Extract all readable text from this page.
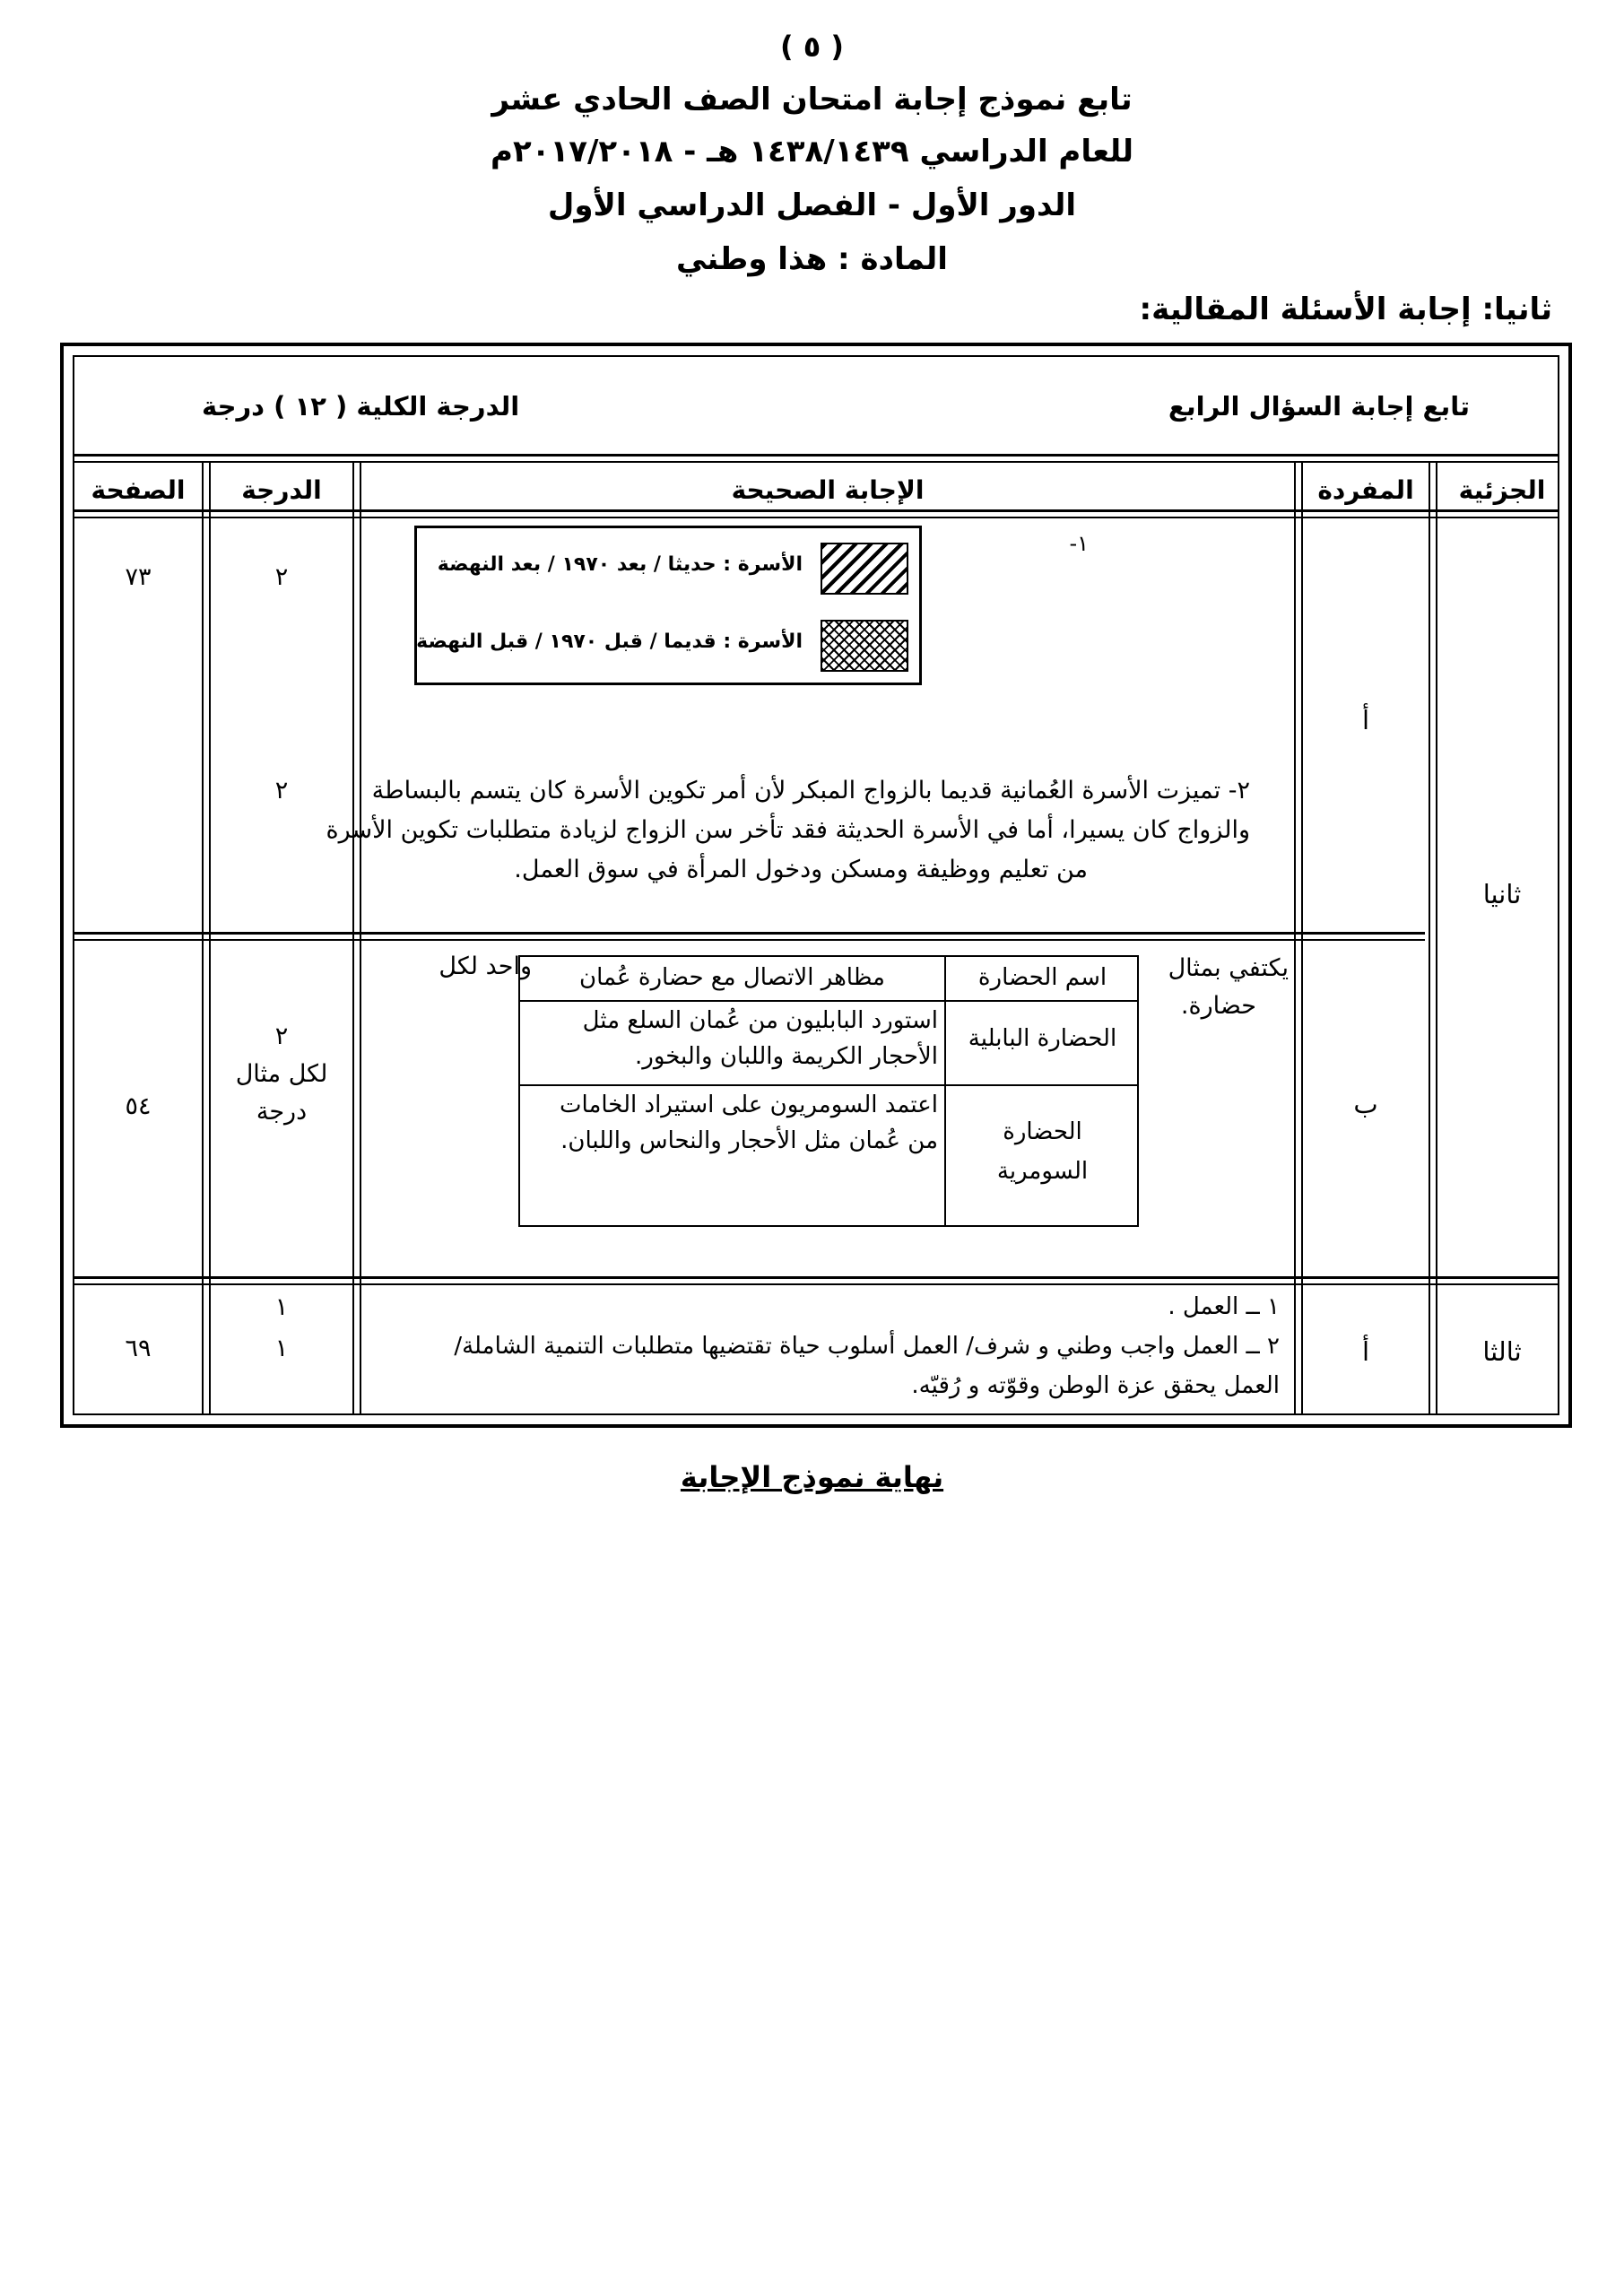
( ٥ )
تابع نموذج إجابة امتحان الصف الحادي عشر
للعام الدراسي ١٤٣٨/١٤٣٩ هـ - ٢٠١٧/٢٠١٨م
الدور الأول - الفصل الدراسي الأول
المادة : هذا وطني
ثانيا: إجابة الأسئلة المقالية:
تابع إجابة السؤال الرابع
الدرجة الكلية ( ١٢ ) درجة
الجزئية
المفردة
الإجابة الصحيحة
الدرجة
الصفحة
ثانيا
أ
١-
٢- تميزت الأسرة العُمانية قديما بالزواج المبكر لأن أمر تكوين الأسرة كان يتسم بالبساطة
والزواج كان يسيرا، أما في الأسرة الحديثة فقد تأخر سن الزواج لزيادة متطلبات تكوين الأسرة
من تعليم ووظيفة ومسكن ودخول المرأة في سوق العمل.
٢
٢
٧٣
ب
يكتفي بمثال
حضارة.
واحد لكل
٢
لكل مثال
درجة
٥٤
ثالثا
أ
١ ــ العمل .
٢ ــ العمل واجب وطني و شرف/ العمل أسلوب حياة تقتضيها متطلبات التنمية الشاملة/
العمل يحقق عزة الوطن وقوّته و رُقيّه.
١
١
٦٩
الأسرة : حديثا / بعد ١٩٧٠ / بعد النهضة
الأسرة : قديما / قبل ١٩٧٠ / قبل النهضة
اسم الحضارة
مظاهر الاتصال مع حضارة عُمان
الحضارة البابلية
استورد البابليون من عُمان السلع مثل
الأحجار الكريمة واللبان والبخور.
الحضارة
السومرية
اعتمد السومريون على استيراد الخامات
من عُمان مثل الأحجار والنحاس واللبان.
نهاية نموذج الإجابة
